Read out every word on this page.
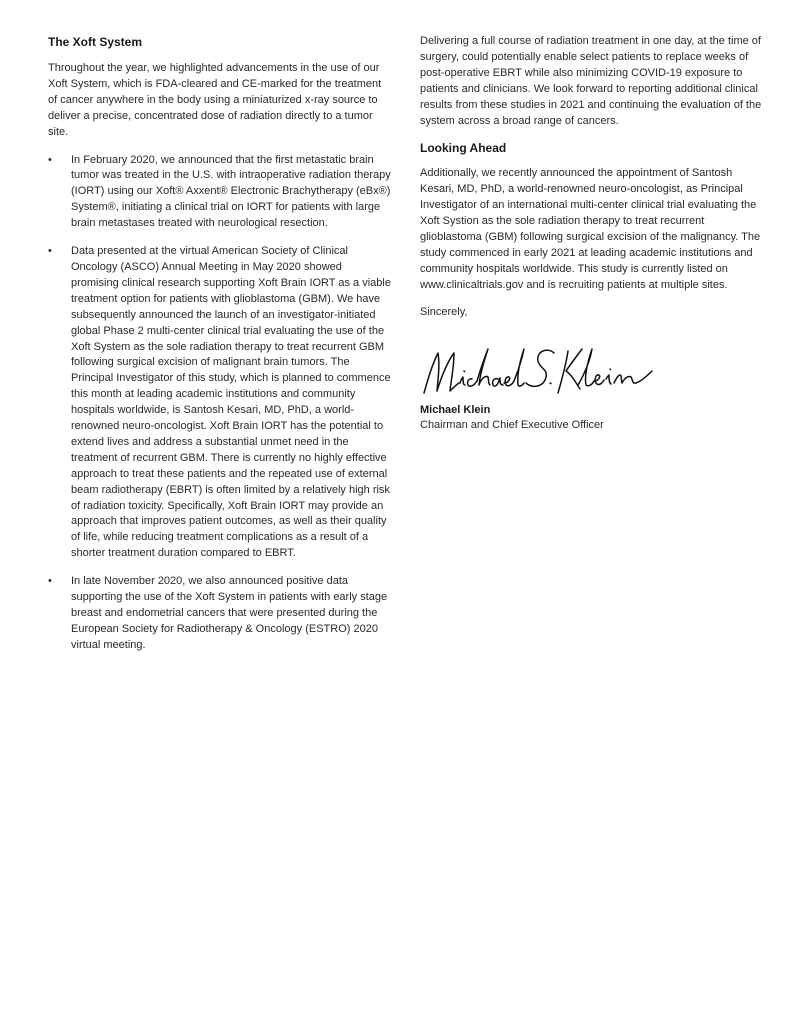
The Xoft System

Throughout the year, we highlighted advancements in the use of our Xoft System, which is FDA-cleared and CE-marked for the treatment of cancer anywhere in the body using a miniaturized x-ray source to deliver a precise, concentrated dose of radiation directly to a tumor site.

• In February 2020, we announced that the first metastatic brain tumor was treated in the U.S. with intraoperative radiation therapy (IORT) using our Xoft® Axxent® Electronic Brachytherapy (eBx®) System®, initiating a clinical trial on IORT for patients with large brain metastases treated with neurological resection.
• Data presented at the virtual American Society of Clinical Oncology (ASCO) Annual Meeting in May 2020 showed promising clinical research supporting Xoft Brain IORT as a viable treatment option for patients with glioblastoma (GBM). We have subsequently announced the launch of an investigator-initiated global Phase 2 multi-center clinical trial evaluating the use of the Xoft System as the sole radiation therapy to treat recurrent GBM following surgical excision of malignant brain tumors. The Principal Investigator of this study, which is planned to commence this month at leading academic institutions and community hospitals worldwide, is Santosh Kesari, MD, PhD, a world-renowned neuro-oncologist. Xoft Brain IORT has the potential to extend lives and address a substantial unmet need in the treatment of recurrent GBM. There is currently no highly effective approach to treat these patients and the repeated use of external beam radiotherapy (EBRT) is often limited by a relatively high risk of radiation toxicity. Specifically, Xoft Brain IORT may provide an approach that improves patient outcomes, as well as their quality of life, while reducing treatment complications as a result of a shorter treatment duration compared to EBRT.
• In late November 2020, we also announced positive data supporting the use of the Xoft System in patients with early stage breast and endometrial cancers that were presented during the European Society for Radiotherapy & Oncology (ESTRO) 2020 virtual meeting.

Delivering a full course of radiation treatment in one day, at the time of surgery, could potentially enable select patients to replace weeks of post-operative EBRT while also minimizing COVID-19 exposure to patients and clinicians. We look forward to reporting additional clinical results from these studies in 2021 and continuing the evaluation of the system across a broad range of cancers.

Looking Ahead

Additionally, we recently announced the appointment of Santosh Kesari, MD, PhD, a world-renowned neuro-oncologist, as Principal Investigator of an international multi-center clinical trial evaluating the Xoft Systion as the sole radiation therapy to treat recurrent glioblastoma (GBM) following surgical excision of the malignancy. The study commenced in early 2021 at leading academic institutions and community hospitals worldwide. This study is currently listed on www.clinicaltrials.gov and is recruiting patients at multiple sites.

Sincerely,

Michael Klein
Chairman and Chief Executive Officer
